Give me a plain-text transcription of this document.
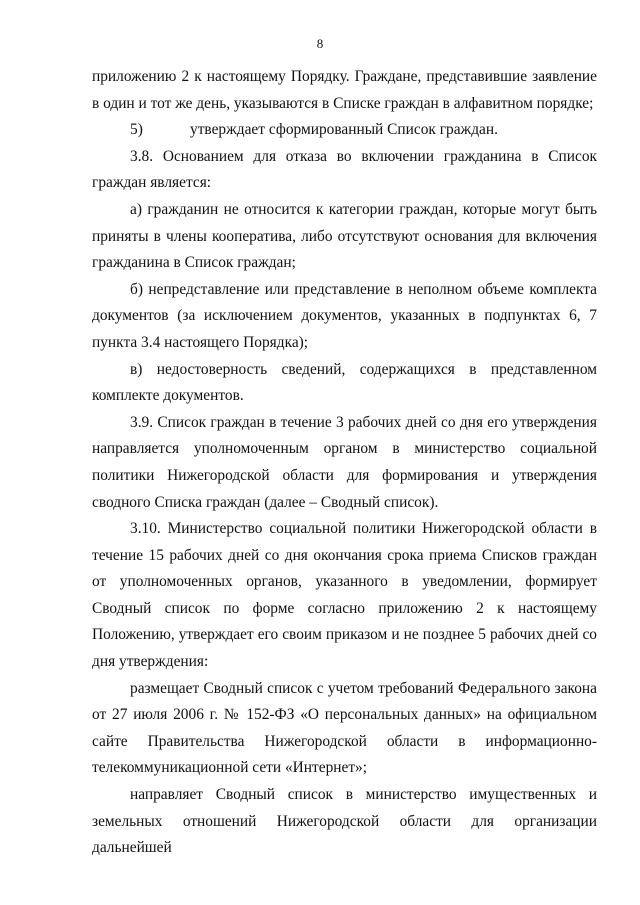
8

приложению 2 к настоящему Порядку. Граждане, представившие заявление в один и тот же день, указываются в Списке граждан в алфавитном порядке;

5)	утверждает сформированный Список граждан.

3.8. Основанием для отказа во включении гражданина в Список граждан является:

а) гражданин не относится к категории граждан, которые могут быть приняты в члены кооператива, либо отсутствуют основания для включения гражданина в Список граждан;

б) непредставление или представление в неполном объеме комплекта документов (за исключением документов, указанных в подпунктах 6, 7 пункта 3.4 настоящего Порядка);

в) недостоверность сведений, содержащихся в представленном комплекте документов.

3.9. Список граждан в течение 3 рабочих дней со дня его утверждения направляется уполномоченным органом в министерство социальной политики Нижегородской области для формирования и утверждения сводного Списка граждан (далее – Сводный список).

3.10. Министерство социальной политики Нижегородской области в течение 15 рабочих дней со дня окончания срока приема Списков граждан от уполномоченных органов, указанного в уведомлении, формирует Сводный список по форме согласно приложению 2 к настоящему Положению, утверждает его своим приказом и не позднее 5 рабочих дней со дня утверждения:

размещает Сводный список с учетом требований Федерального закона от 27 июля 2006 г. № 152-ФЗ «О персональных данных» на официальном сайте Правительства Нижегородской области в информационно-телекоммуникационной сети «Интернет»;

направляет Сводный список в министерство имущественных и земельных отношений Нижегородской области для организации дальнейшей
